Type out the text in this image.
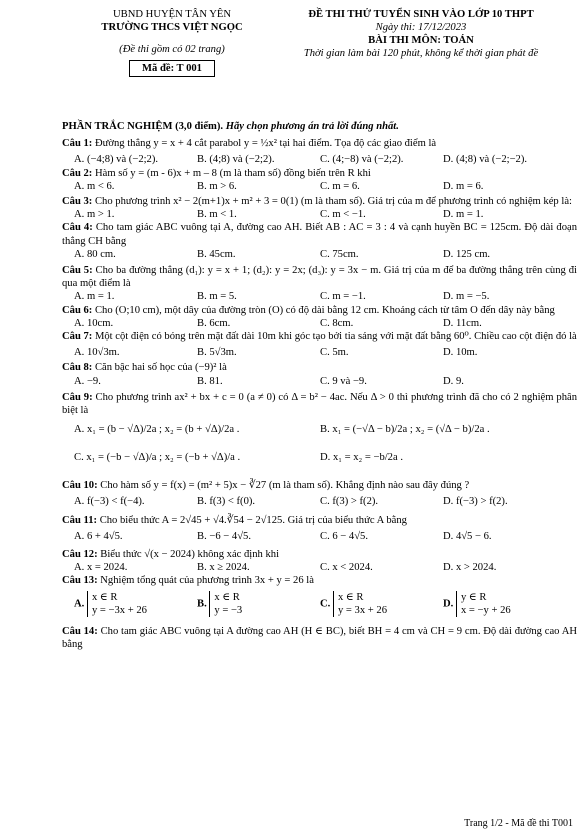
UBND HUYỆN TÂN YÊN
TRƯỜNG THCS VIỆT NGỌC
(Đề thi gồm có 02 trang)
Mã đề: T 001
ĐỀ THI THỬ TUYỂN SINH VÀO LỚP 10 THPT
Ngày thi: 17/12/2023
BÀI THI MÔN: TOÁN
Thời gian làm bài 120 phút, không kể thời gian phát đề
PHẦN TRẮC NGHIỆM (3,0 điểm). Hãy chọn phương án trả lời đúng nhất.
Câu 1: Đường thẳng y = x + 4 cắt parabol y = ½x² tại hai điểm. Tọa độ các giao điểm là
A. (−4;8) và (−2;2).	B. (4;8) và (−2;2).	C. (4;−8) và (−2;2).	D. (4;8) và (−2;−2).
Câu 2: Hàm số y = (m - 6)x + m – 8 (m là tham số) đồng biến trên R khi
A. m < 6.	B. m > 6.	C. m = 6.	D. m = 6.
Câu 3: Cho phương trình x² − 2(m+1)x + m² + 3 = 0(1) (m là tham số). Giá trị của m để phương trình có nghiệm kép là:
A. m > 1.	B. m < 1.	C. m < −1.	D. m = 1.
Câu 4: Cho tam giác ABC vuông tại A, đường cao AH. Biết AB : AC = 3 : 4 và cạnh huyền BC = 125cm. Độ dài đoạn thẳng CH bằng
A. 80 cm.	B. 45cm.	C. 75cm.	D. 125 cm.
Câu 5: Cho ba đường thẳng (d₁): y = x + 1; (d₂): y = 2x; (d₃): y = 3x − m. Giá trị của m để ba đường thẳng trên cùng đi qua một điểm là
A. m = 1.	B. m = 5.	C. m = −1.	D. m = −5.
Câu 6: Cho (O;10 cm), một dây của đường tròn (O) có độ dài bằng 12 cm. Khoảng cách từ tâm O đến dây này bằng
A. 10cm.	B. 6cm.	C. 8cm.	D. 11cm.
Câu 7: Một cột điện có bóng trên mặt đất dài 10m khi góc tạo bởi tia sáng với mặt đất bằng 60⁰. Chiều cao cột điện đó là
A. 10√3m.	B. 5√3m.	C. 5m.	D. 10m.
Câu 8: Căn bậc hai số học của (−9)² là
A. −9.	B. 81.	C. 9 và −9.	D. 9.
Câu 9: Cho phương trình ax² + bx + c = 0 (a ≠ 0) có Δ = b² − 4ac. Nếu Δ > 0 thì phương trình đã cho có 2 nghiệm phân biệt là
A. x₁ = (b − √Δ)/2a ; x₂ = (b + √Δ)/2a .	B. x₁ = (−√Δ − b)/2a ; x₂ = (√Δ − b)/2a .
C. x₁ = (−b − √Δ)/a ; x₂ = (−b + √Δ)/a .	D. x₁ = x₂ = −b/2a .
Câu 10: Cho hàm số y = f(x) = (m² + 5)x − ∛27 (m là tham số). Khẳng định nào sau đây đúng ?
A. f(−3) < f(−4).	B. f(3) < f(0).	C. f(3) > f(2).	D. f(−3) > f(2).
Câu 11: Cho biểu thức A = 2√45 + √4.∛54 − 2√125. Giá trị của biểu thức A bằng
A. 6 + 4√5.	B. −6 − 4√5.	C. 6 − 4√5.	D. 4√5 − 6.
Câu 12: Biểu thức √(x − 2024) không xác định khi
A. x = 2024.	B. x ≥ 2024.	C. x < 2024.	D. x > 2024.
Câu 13: Nghiệm tổng quát của phương trình 3x + y = 26 là
A.
x ∈ R
y = −3x + 26
B.
x ∈ R
y = −3
C.
x ∈ R
y = 3x + 26
D.
y ∈ R
x = −y + 26
Câu 14: Cho tam giác ABC vuông tại A đường cao AH (H ∈ BC), biết BH = 4 cm và CH = 9 cm. Độ dài đường cao AH bằng
Trang 1/2 - Mã đề thi T001
